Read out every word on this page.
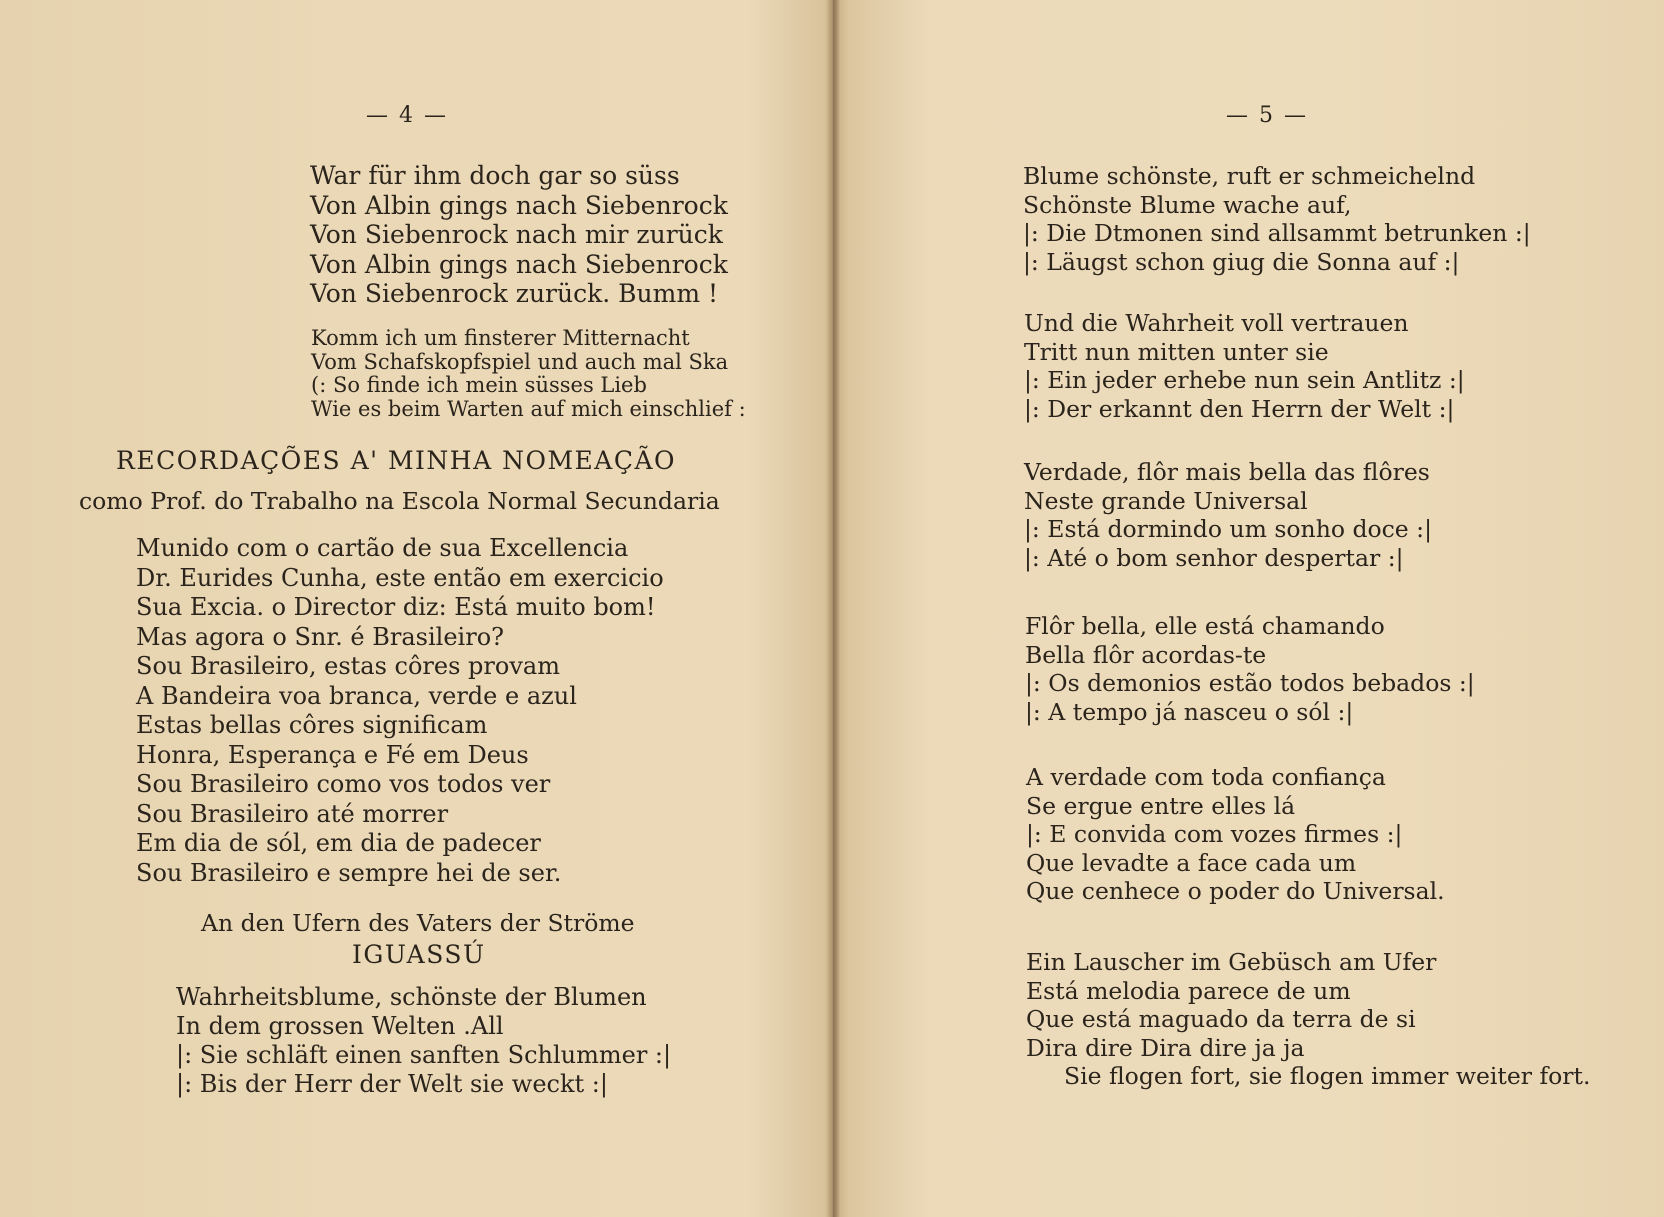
— 4 —
War für ihm doch gar so süss
Von Albin gings nach Siebenrock
Von Siebenrock nach mir zurück
Von Albin gings nach Siebenrock
Von Siebenrock zurück. Bumm !
Komm ich um finsterer Mitternacht
Vom Schafskopfspiel und auch mal Ska
(: So finde ich mein süsses Lieb
Wie es beim Warten auf mich einschlief :
RECORDAÇÕES A' MINHA NOMEAÇÃO
como Prof. do Trabalho na Escola Normal Secundaria
Munido com o cartão de sua Excellencia
Dr. Eurides Cunha, este então em exercicio
Sua Excia. o Director diz: Está muito bom!
Mas agora o Snr. é Brasileiro?
Sou Brasileiro, estas côres provam
A Bandeira voa branca, verde e azul
Estas bellas côres significam
Honra, Esperança e Fé em Deus
Sou Brasileiro como vos todos ver
Sou Brasileiro até morrer
Em dia de sól, em dia de padecer
Sou Brasileiro e sempre hei de ser.
An den Ufern des Vaters der Ströme
IGUASSÚ
Wahrheitsblume, schönste der Blumen
In dem grossen Welten .All
|: Sie schläft einen sanften Schlummer :|
|: Bis der Herr der Welt sie weckt :|
— 5 —
Blume schönste, ruft er schmeichelnd
Schönste Blume wache auf,
|: Die Dtmonen sind allsammt betrunken :|
|: Läugst schon giug die Sonna auf :|
Und die Wahrheit voll vertrauen
Tritt nun mitten unter sie
|: Ein jeder erhebe nun sein Antlitz :|
|: Der erkannt den Herrn der Welt :|
Verdade, flôr mais bella das flôres
Neste grande Universal
|: Está dormindo um sonho doce :|
|: Até o bom senhor despertar :|
Flôr bella, elle está chamando
Bella flôr acordas-te
|: Os demonios estão todos bebados :|
|: A tempo já nasceu o sól :|
A verdade com toda confiança
Se ergue entre elles lá
|: E convida com vozes firmes :|
Que levadte a face cada um
Que cenhece o poder do Universal.
Ein Lauscher im Gebüsch am Ufer
Está melodia parece de um
Que está maguado da terra de si
Dira dire Dira dire ja ja
Sie flogen fort, sie flogen immer weiter fort.
